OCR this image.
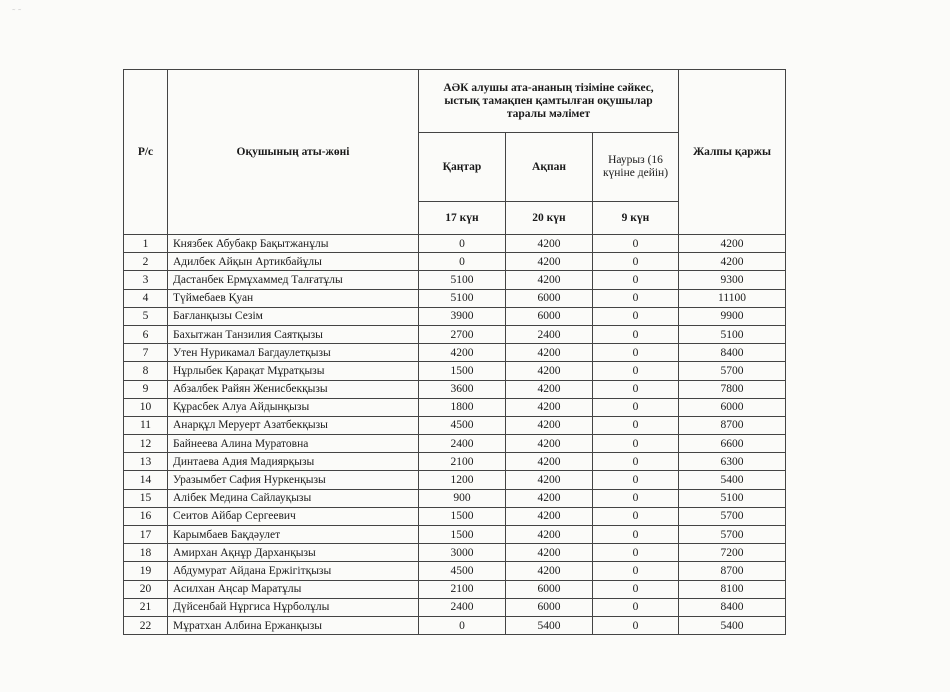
˜ ˜
Р/с	Оқушының аты-жөні	АӘК алушы ата-ананың тізіміне сәйкес, ыстық тамақпен қамтылған оқушылар таралы мәлімет			Жалпы қаржы
		Қаңтар	Ақпан	Наурыз (16 күніне дейін)	
		17 күн	20 күн	9 күн	
1	Князбек Абубакр Бақытжанұлы	0	4200	0	4200
2	Адилбек Айқын Артикбайұлы	0	4200	0	4200
3	Дастанбек Ермұхаммед Талғатұлы	5100	4200	0	9300
4	Түймебаев Қуан	5100	6000	0	11100
5	Бағланқызы Сезім	3900	6000	0	9900
6	Бахытжан Танзилия Саятқызы	2700	2400	0	5100
7	Утен Нурикамал Багдаулетқызы	4200	4200	0	8400
8	Нұрлыбек Қарақат Мұратқызы	1500	4200	0	5700
9	Абзалбек Райян Женисбекқызы	3600	4200	0	7800
10	Құрасбек Алуа Айдынқызы	1800	4200	0	6000
11	Анарқұл Меруерт Азатбекқызы	4500	4200	0	8700
12	Байнеева Алина Муратовна	2400	4200	0	6600
13	Динтаева Адия Мадиярқызы	2100	4200	0	6300
14	Уразымбет Сафия Нуркенқызы	1200	4200	0	5400
15	Алібек Медина Сайлауқызы	900	4200	0	5100
16	Сеитов Айбар Сергеевич	1500	4200	0	5700
17	Карымбаев Бақдәулет	1500	4200	0	5700
18	Амирхан Ақнұр Дарханқызы	3000	4200	0	7200
19	Абдумурат Айдана Ержігітқызы	4500	4200	0	8700
20	Асилхан Аңсар Маратұлы	2100	6000	0	8100
21	Дүйсенбай Нұргиса Нұрболұлы	2400	6000	0	8400
22	Мұратхан Албина Ержанқызы	0	5400	0	5400
